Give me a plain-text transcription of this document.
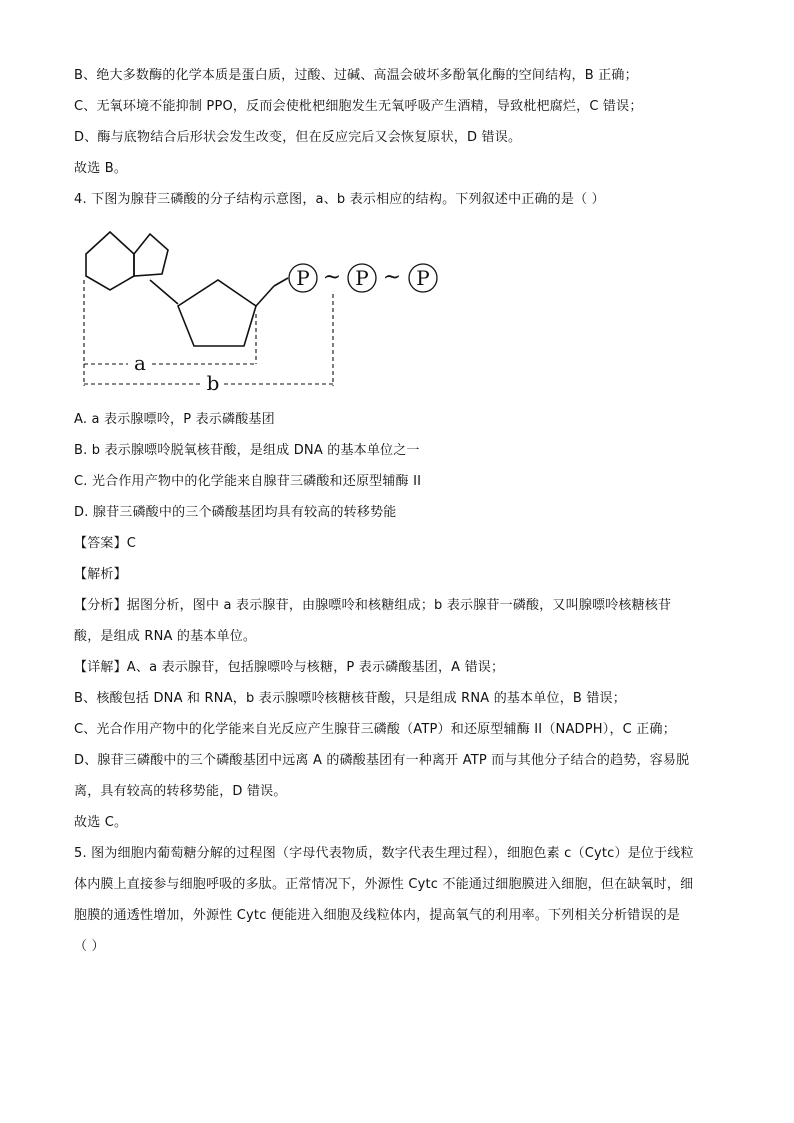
B、绝大多数酶的化学本质是蛋白质，过酸、过碱、高温会破坏多酚氧化酶的空间结构，B 正确；
C、无氧环境不能抑制 PPO，反而会使枇杷细胞发生无氧呼吸产生酒精，导致枇杷腐烂，C 错误；
D、酶与底物结合后形状会发生改变，但在反应完后又会恢复原状，D 错误。
故选 B。
4. 下图为腺苷三磷酸的分子结构示意图，a、b 表示相应的结构。下列叙述中正确的是（ ）
P P P
~ ~
a
b
A. a 表示腺嘌呤，P 表示磷酸基团
B. b 表示腺嘌呤脱氧核苷酸，是组成 DNA 的基本单位之一
C. 光合作用产物中的化学能来自腺苷三磷酸和还原型辅酶 II
D. 腺苷三磷酸中的三个磷酸基团均具有较高的转移势能
【答案】C
【解析】
【分析】据图分析，图中 a 表示腺苷，由腺嘌呤和核糖组成；b 表示腺苷一磷酸，又叫腺嘌呤核糖核苷
酸，是组成 RNA 的基本单位。
【详解】A、a 表示腺苷，包括腺嘌呤与核糖，P 表示磷酸基团，A 错误；
B、核酸包括 DNA 和 RNA，b 表示腺嘌呤核糖核苷酸，只是组成 RNA 的基本单位，B 错误；
C、光合作用产物中的化学能来自光反应产生腺苷三磷酸（ATP）和还原型辅酶 II（NADPH），C 正确；
D、腺苷三磷酸中的三个磷酸基团中远离 A 的磷酸基团有一种离开 ATP 而与其他分子结合的趋势，容易脱
离，具有较高的转移势能，D 错误。
故选 C。
5. 图为细胞内葡萄糖分解的过程图（字母代表物质，数字代表生理过程），细胞色素 c（Cytc）是位于线粒
体内膜上直接参与细胞呼吸的多肽。正常情况下，外源性 Cytc 不能通过细胞膜进入细胞，但在缺氧时，细
胞膜的通透性增加，外源性 Cytc 便能进入细胞及线粒体内，提高氧气的利用率。下列相关分析错误的是
（ ）
